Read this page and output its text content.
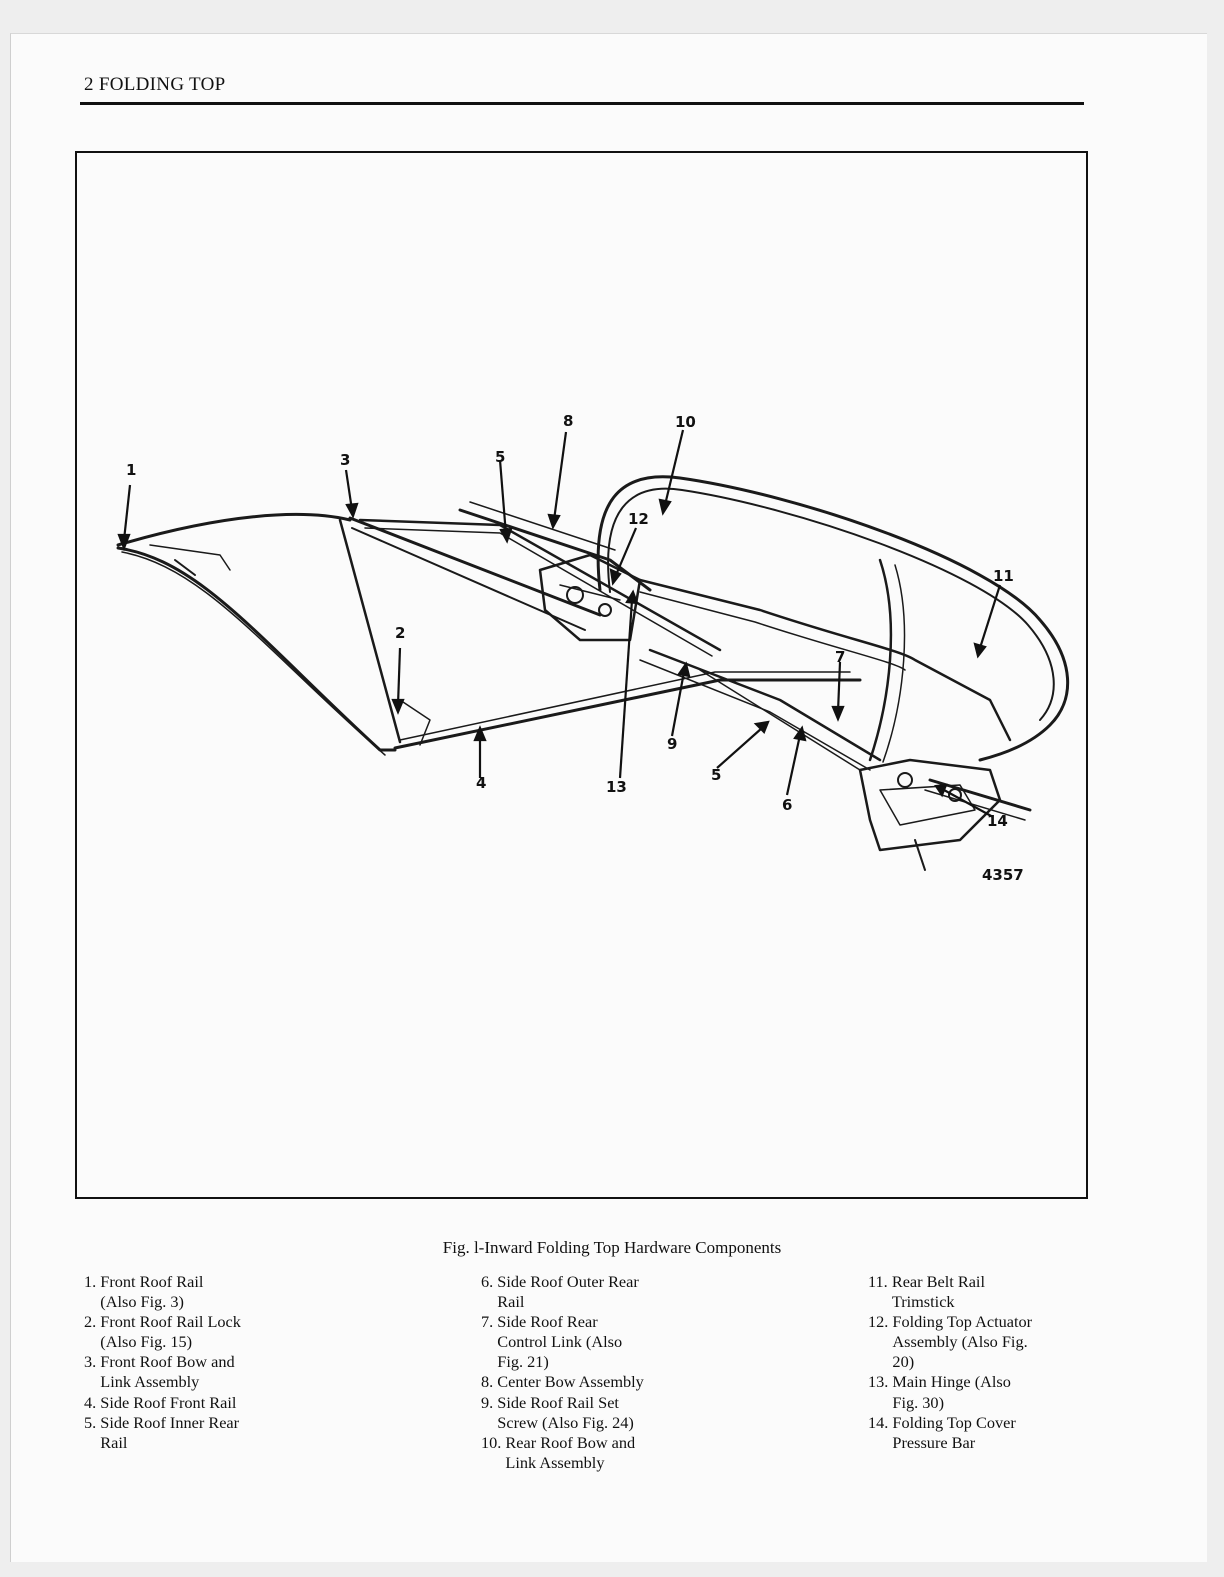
2 FOLDING TOP
1
2
3
4
5
5
6
7
8
9
10
11
12
13
14
4357
Fig. l-Inward Folding Top Hardware Components
1. Front Roof Rail
(Also Fig. 3)
2. Front Roof Rail Lock
(Also Fig. 15)
3. Front Roof Bow and
Link Assembly
4. Side Roof Front Rail
5. Side Roof Inner Rear
Rail
6. Side Roof Outer Rear
Rail
7. Side Roof Rear
Control Link (Also
Fig. 21)
8. Center Bow Assembly
9. Side Roof Rail Set
Screw (Also Fig. 24)
10. Rear Roof Bow and
Link Assembly
11. Rear Belt Rail
Trimstick
12. Folding Top Actuator
Assembly (Also Fig.
20)
13. Main Hinge (Also
Fig. 30)
14. Folding Top Cover
Pressure Bar
